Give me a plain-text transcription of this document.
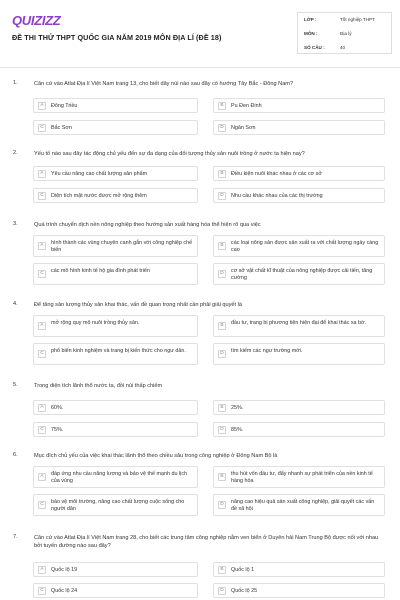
QUIZIZZ
ĐỀ THI THỬ THPT QUỐC GIA NĂM 2019 MÔN ĐỊA LÍ (ĐỀ 18)
LỚP :	Tốt nghiệp THPT
MÔN :	Địa lý
SỐ CÂU :	40
1.	Căn cứ vào Atlat Địa lí Việt Nam trang 13, cho biết dãy núi nào sau đây có hướng Tây Bắc - Đông Nam?
A	Đông Triều	B	Pu Đen Đinh
C	Bắc Sơn	D	Ngân Sơn
2.	Yếu tố nào sau đây tác động chủ yếu đến sự đa dạng của đối tượng thủy sản nuôi trồng ở nước ta hiện nay?
A	Yêu cầu nâng cao chất lượng sản phẩm	B	Điều kiện nuôi khác nhau ở các cơ sở
C	Diện tích mặt nước được mở rộng thêm	D	Nhu cầu khác nhau của các thị trường
3.	Quá trình chuyển dịch nền nông nghiệp theo hướng sản xuất hàng hóa thể hiện rõ qua việc
A	hình thành các vùng chuyên canh gắn với công nghiệp chế biến
B	các loại nông sản được sản xuất ra với chất lượng ngày càng cao
C	các mô hình kinh tế hộ gia đình phát triển	D	cơ sở vật chất kĩ thuật của nông nghiệp được cải tiến, tăng cường
4.	Để tăng sản lượng thủy sản khai thác, vấn đề quan trọng nhất cần phải giải quyết là
A	mở rộng quy mô nuôi trồng thủy sản.	B	đầu tư, trang bị phương tiện hiện đại để khai thác xa bờ.
C	phổ biến kinh nghiệm và trang bị kiến thức cho ngư dân.	D	tìm kiếm các ngư trường mới.
5.	Trong diện tích lãnh thổ nước ta, đồi núi thấp chiếm
A	60%.	B	25%.
C	75%.	D	85%.
6.	Mục đích chủ yếu của việc khai thác lãnh thổ theo chiều sâu trong công nghiệp ở Đông Nam Bộ là
A	đáp ứng nhu cầu năng lượng và bảo vệ thế mạnh du lịch của vùng
B	thu hút vốn đầu tư, đẩy nhanh sự phát triển của nền kinh tế hàng hóa
C	bảo vệ môi trường, nâng cao chất lượng cuộc sống cho người dân
D	nâng cao hiệu quả sản xuất công nghiệp, giải quyết các vấn đề xã hội
7.	Căn cứ vào Atlat Địa lí Việt Nam trang 28, cho biết các trung tâm công nghiệp nằm ven biển ở Duyên hải Nam Trung Bộ được nối với nhau bởi tuyến đường nào sau đây?
A	Quốc lộ 19	B	Quốc lộ 1
C	Quốc lộ 24	D	Quốc lộ 25
